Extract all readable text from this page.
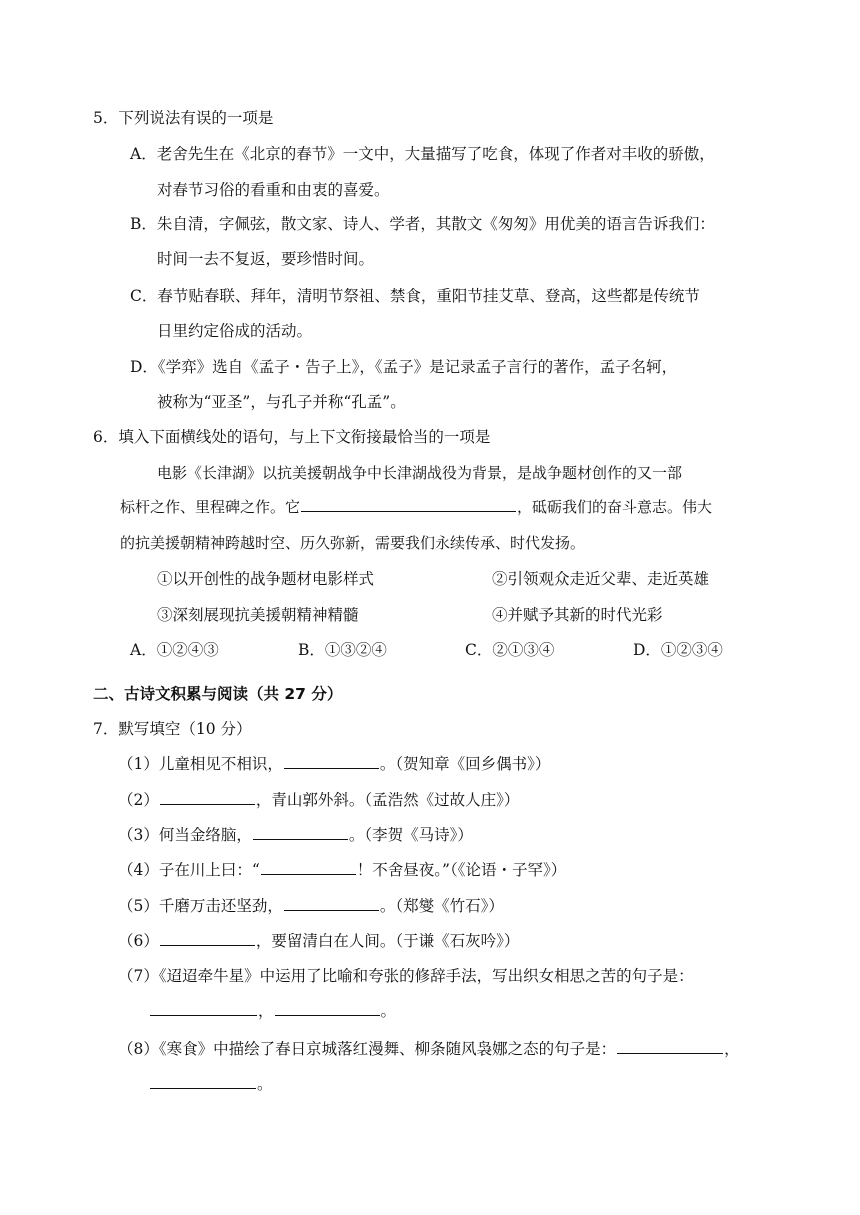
5．下列说法有误的一项是
A．老舍先生在《北京的春节》一文中，大量描写了吃食，体现了作者对丰收的骄傲，
对春节习俗的看重和由衷的喜爱。
B．朱自清，字佩弦，散文家、诗人、学者，其散文《匆匆》用优美的语言告诉我们：
时间一去不复返，要珍惜时间。
C．春节贴春联、拜年，清明节祭祖、禁食，重阳节挂艾草、登高，这些都是传统节
日里约定俗成的活动。
D．《学弈》选自《孟子・告子上》，《孟子》是记录孟子言行的著作，孟子名轲，
被称为“亚圣”，与孔子并称“孔孟”。
6．填入下面横线处的语句，与上下文衔接最恰当的一项是
电影《长津湖》以抗美援朝战争中长津湖战役为背景，是战争题材创作的又一部
标杆之作、里程碑之作。它	，砥砺我们的奋斗意志。伟大
的抗美援朝精神跨越时空、历久弥新，需要我们永续传承、时代发扬。
①以开创性的战争题材电影样式	②引领观众走近父辈、走近英雄
③深刻展现抗美援朝精神精髓	④并赋予其新的时代光彩
A．①②④③	B．①③②④	C．②①③④	D．①②③④
二、古诗文积累与阅读（共 27 分）
7．默写填空（10 分）
（1）儿童相见不相识，	。（贺知章《回乡偶书》）
（2）	，青山郭外斜。（孟浩然《过故人庄》）
（3）何当金络脑，	。（李贺《马诗》）
（4）子在川上曰：“	！不舍昼夜。”（《论语・子罕》）
（5）千磨万击还坚劲，	。（郑燮《竹石》）
（6）	，要留清白在人间。（于谦《石灰吟》）
（7）《迢迢牵牛星》中运用了比喻和夸张的修辞手法，写出织女相思之苦的句子是：
，	。
（8）《寒食》中描绘了春日京城落红漫舞、柳条随风袅娜之态的句子是：	，
。
